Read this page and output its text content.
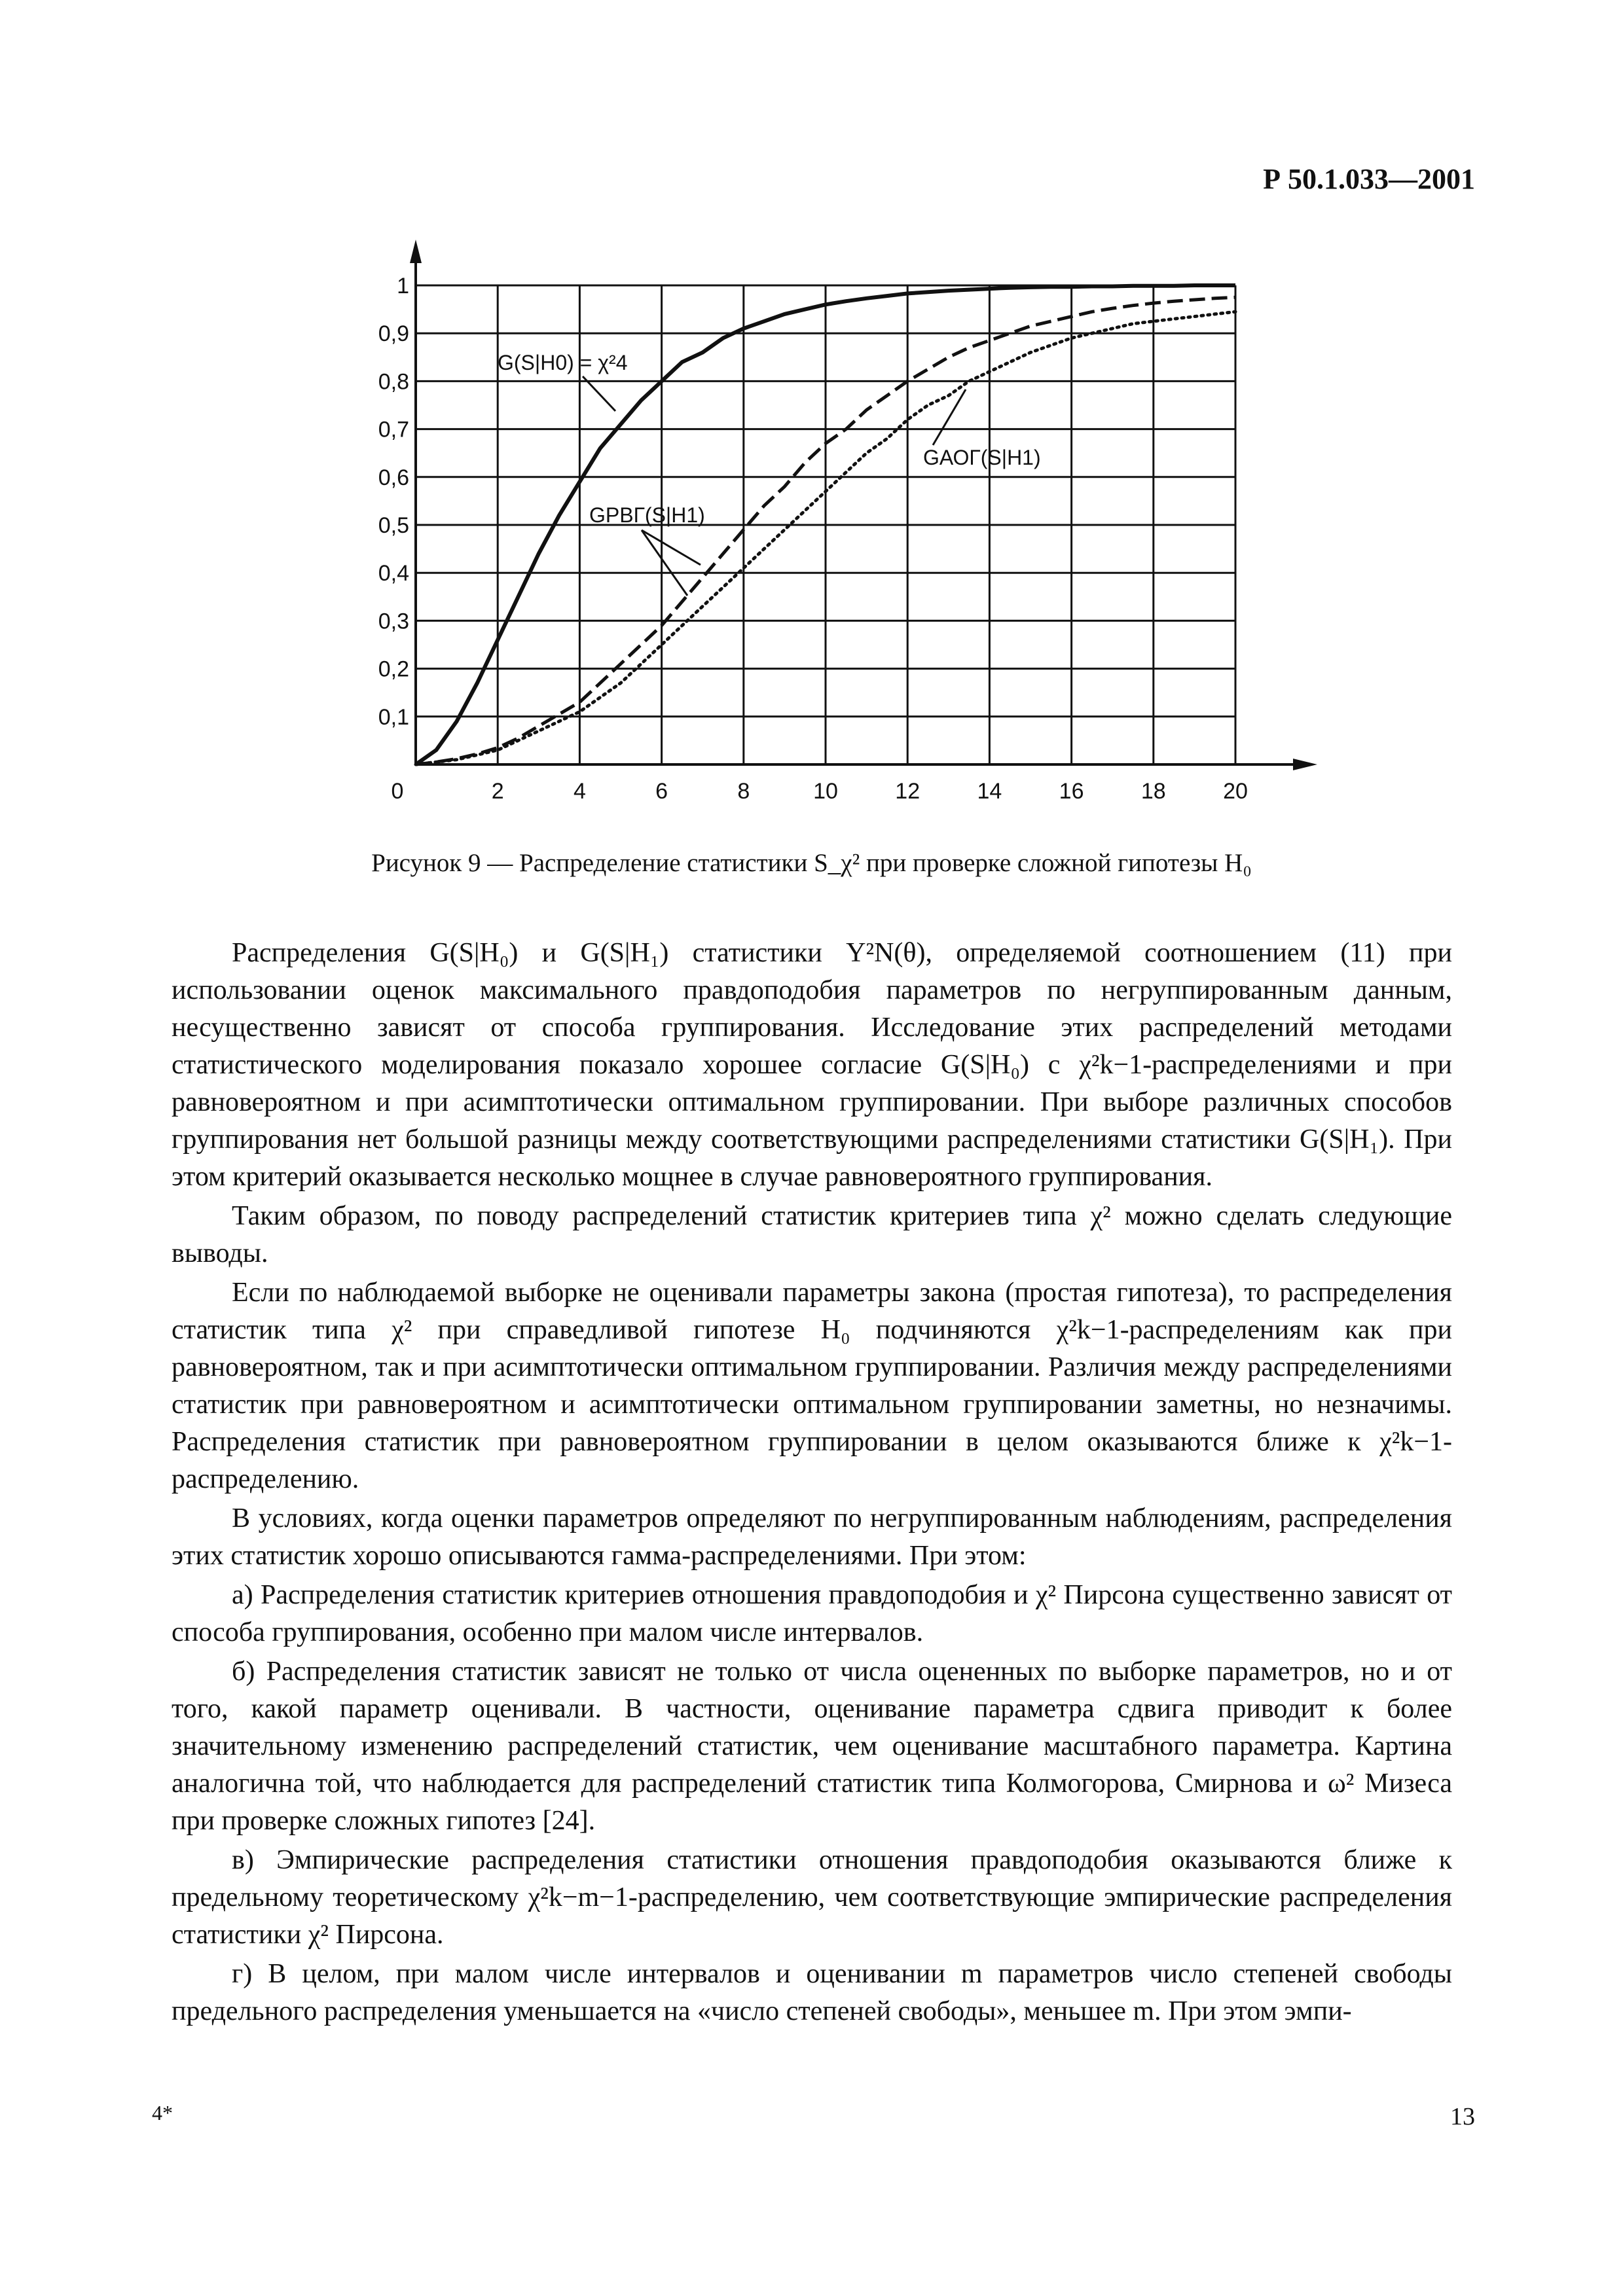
Р 50.1.033—2001
0	2	4	6	8	10	12	14	16	18	20
0,1
0,2
0,3
0,4
0,5
0,6
0,7
0,8
0,9
1
G(S|H0) = χ²4
GРВГ(S|H1)
GАОГ(S|H1)
Рисунок 9 — Распределение статистики S_χ² при проверке сложной гипотезы H₀

Распределения G(S|H₀) и G(S|H₁) статистики Y²N(θ), определяемой соотношением (11) при использовании оценок максимального правдоподобия параметров по негруппированным данным, несущественно зависят от способа группирования. Исследование этих распределений методами статистического моделирования показало хорошее согласие G(S|H₀) с χ²k−1-распределениями и при равновероятном и при асимптотически оптимальном группировании. При выборе различных способов группирования нет большой разницы между соответствующими распределениями статистики G(S|H₁). При этом критерий оказывается несколько мощнее в случае равновероятного группирования.

Таким образом, по поводу распределений статистик критериев типа χ² можно сделать следующие выводы.

Если по наблюдаемой выборке не оценивали параметры закона (простая гипотеза), то распределения статистик типа χ² при справедливой гипотезе H₀ подчиняются χ²k−1-распределениям как при равновероятном, так и при асимптотически оптимальном группировании. Различия между распределениями статистик при равновероятном и асимптотически оптимальном группировании заметны, но незначимы. Распределения статистик при равновероятном группировании в целом оказываются ближе к χ²k−1-распределению.

В условиях, когда оценки параметров определяют по негруппированным наблюдениям, распределения этих статистик хорошо описываются гамма-распределениями. При этом:

а) Распределения статистик критериев отношения правдоподобия и χ² Пирсона существенно зависят от способа группирования, особенно при малом числе интервалов.

б) Распределения статистик зависят не только от числа оцененных по выборке параметров, но и от того, какой параметр оценивали. В частности, оценивание параметра сдвига приводит к более значительному изменению распределений статистик, чем оценивание масштабного параметра. Картина аналогична той, что наблюдается для распределений статистик типа Колмогорова, Смирнова и ω² Мизеса при проверке сложных гипотез [24].

в) Эмпирические распределения статистики отношения правдоподобия оказываются ближе к предельному теоретическому χ²k−m−1-распределению, чем соответствующие эмпирические распределения статистики χ² Пирсона.

г) В целом, при малом числе интервалов и оценивании m параметров число степеней свободы предельного распределения уменьшается на «число степеней свободы», меньшее m. При этом эмпи-

4*	13
